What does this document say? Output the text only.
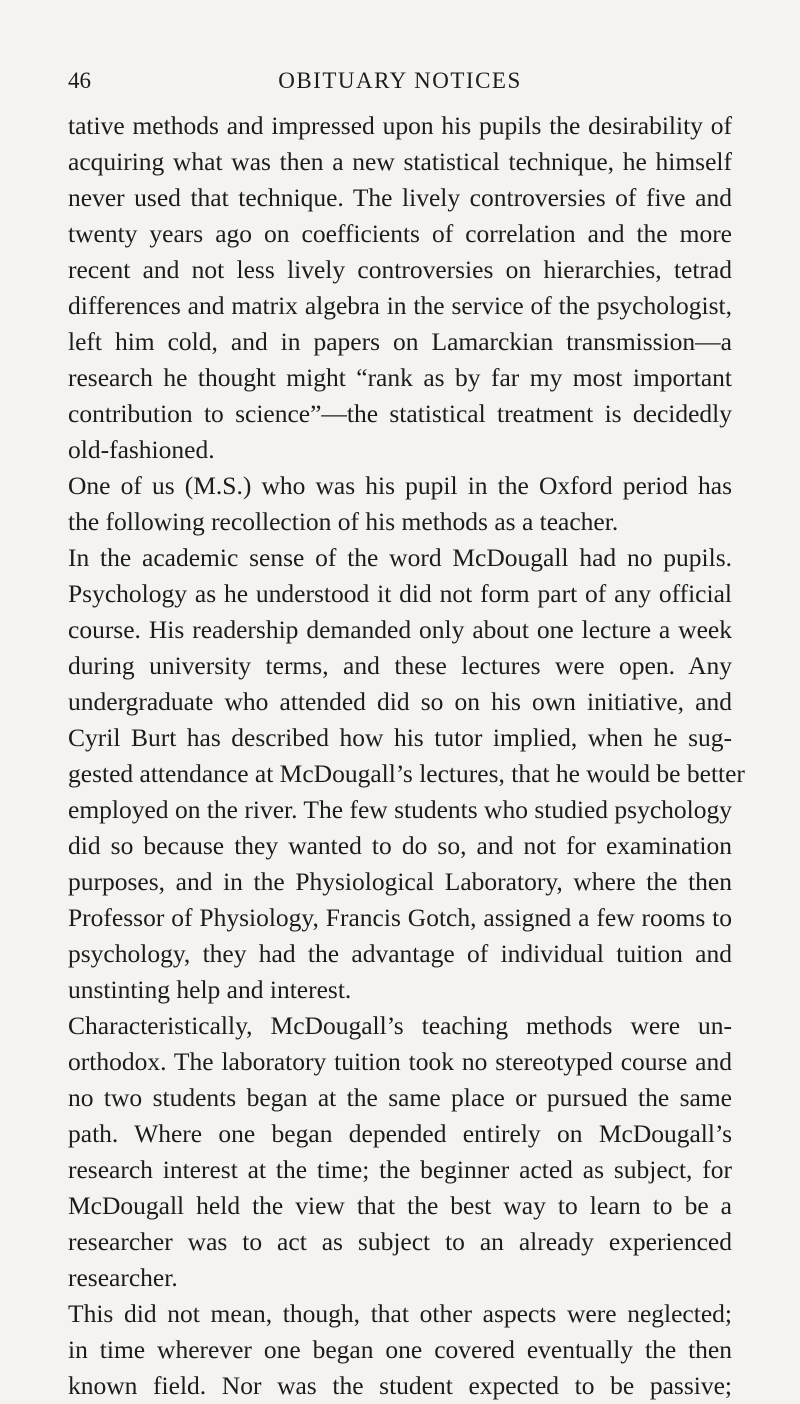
46	OBITUARY NOTICES
tative methods and impressed upon his pupils the desirability of
acquiring what was then a new statistical technique, he himself
never used that technique. The lively controversies of five and
twenty years ago on coefficients of correlation and the more
recent and not less lively controversies on hierarchies, tetrad
differences and matrix algebra in the service of the psychologist,
left him cold, and in papers on Lamarckian transmission—a
research he thought might “rank as by far my most important
contribution to science”—the statistical treatment is decidedly
old-fashioned.
One of us (M.S.) who was his pupil in the Oxford period has
the following recollection of his methods as a teacher.
In the academic sense of the word McDougall had no pupils.
Psychology as he understood it did not form part of any official
course. His readership demanded only about one lecture a week
during university terms, and these lectures were open. Any
undergraduate who attended did so on his own initiative, and
Cyril Burt has described how his tutor implied, when he sug-
gested attendance at McDougall’s lectures, that he would be better
employed on the river. The few students who studied psychology
did so because they wanted to do so, and not for examination
purposes, and in the Physiological Laboratory, where the then
Professor of Physiology, Francis Gotch, assigned a few rooms to
psychology, they had the advantage of individual tuition and
unstinting help and interest.
Characteristically, McDougall’s teaching methods were un-
orthodox. The laboratory tuition took no stereotyped course and
no two students began at the same place or pursued the same
path. Where one began depended entirely on McDougall’s
research interest at the time; the beginner acted as subject, for
McDougall held the view that the best way to learn to be a
researcher was to act as subject to an already experienced
researcher.
This did not mean, though, that other aspects were neglected;
in time wherever one began one covered eventually the then
known field. Nor was the student expected to be passive;
